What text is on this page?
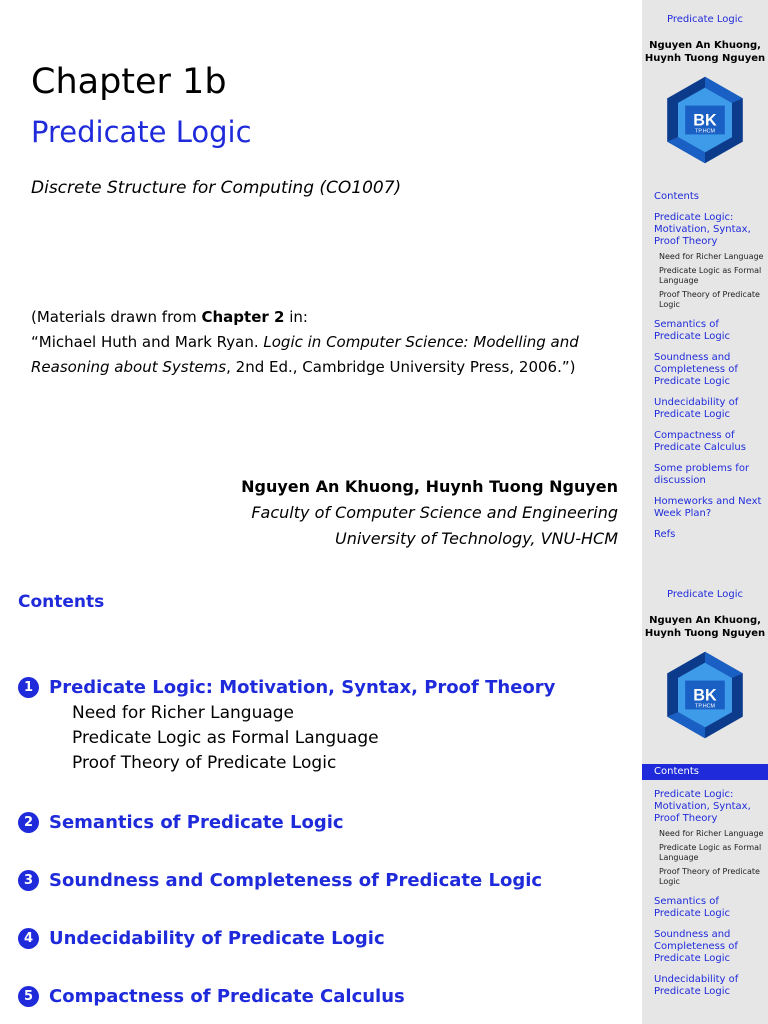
Chapter 1b
Predicate Logic
Discrete Structure for Computing (CO1007)
(Materials drawn from Chapter 2 in:
“Michael Huth and Mark Ryan. Logic in Computer Science: Modelling and Reasoning about Systems, 2nd Ed., Cambridge University Press, 2006.”)
Nguyen An Khuong, Huynh Tuong Nguyen
Faculty of Computer Science and Engineering
University of Technology, VNU-HCM
Contents
1 Predicate Logic: Motivation, Syntax, Proof Theory
Need for Richer Language
Predicate Logic as Formal Language
Proof Theory of Predicate Logic
2 Semantics of Predicate Logic
3 Soundness and Completeness of Predicate Logic
4 Undecidability of Predicate Logic
5 Compactness of Predicate Calculus
Predicate Logic
Nguyen An Khuong,
Huynh Tuong Nguyen
BK
TP.HCM
Contents
Predicate Logic: Motivation, Syntax, Proof Theory
Need for Richer Language
Predicate Logic as Formal Language
Proof Theory of Predicate Logic
Semantics of Predicate Logic
Soundness and Completeness of Predicate Logic
Undecidability of Predicate Logic
Compactness of Predicate Calculus
Some problems for discussion
Homeworks and Next Week Plan?
Refs
Predicate Logic
Nguyen An Khuong,
Huynh Tuong Nguyen
BK
TP.HCM
Contents
Predicate Logic: Motivation, Syntax, Proof Theory
Need for Richer Language
Predicate Logic as Formal Language
Proof Theory of Predicate Logic
Semantics of Predicate Logic
Soundness and Completeness of Predicate Logic
Undecidability of Predicate Logic
